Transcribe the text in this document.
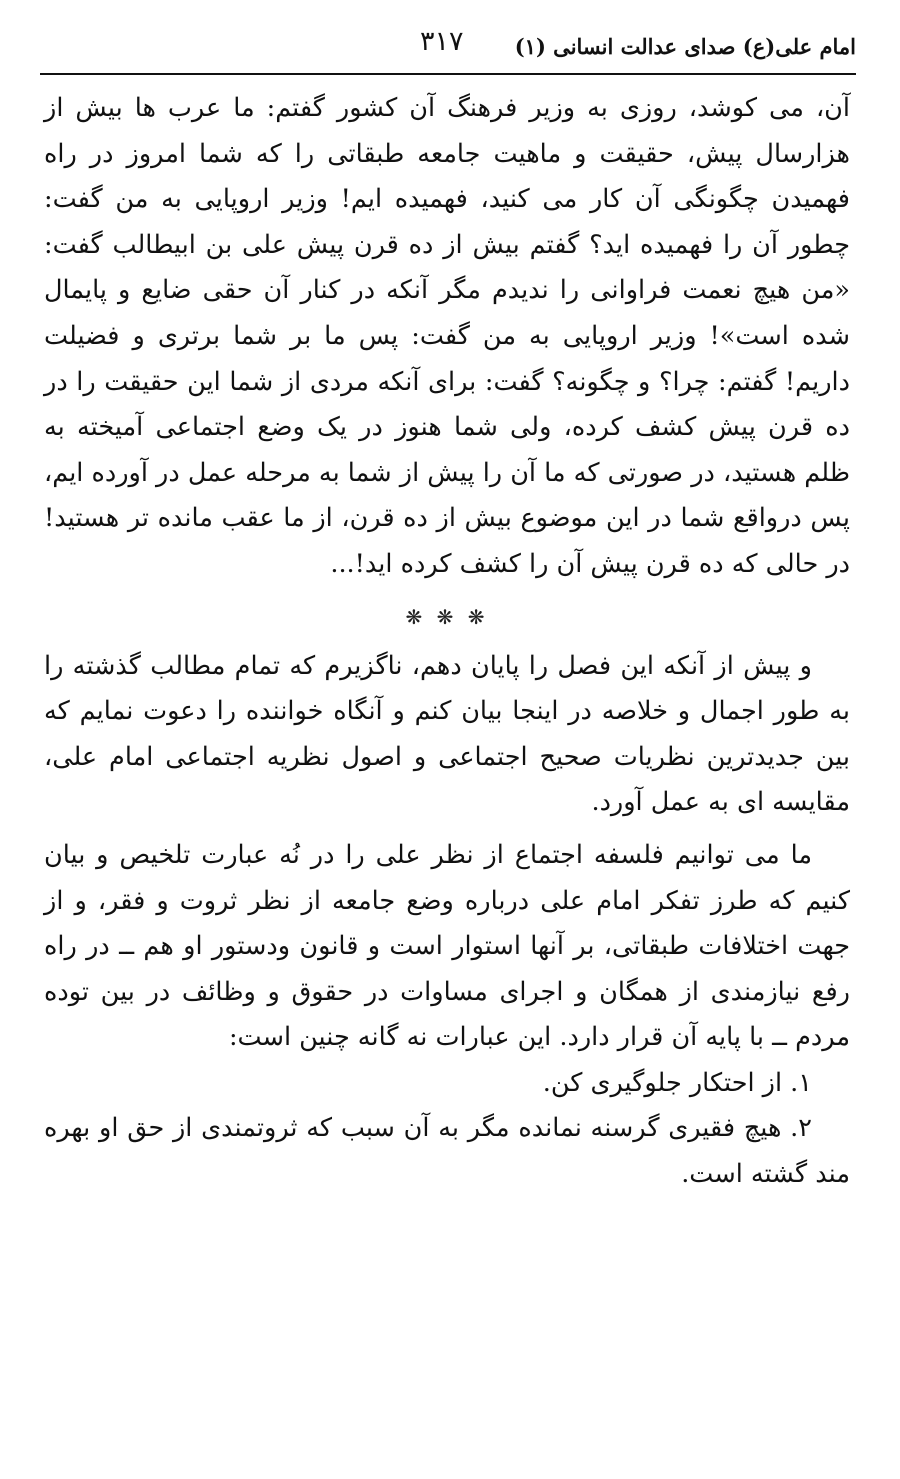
امام علی(ع) صدای عدالت انسانی (۱)
۳۱۷

آن، می کوشد، روزی به وزیر فرهنگ آن کشور گفتم: ما عرب ها بیش از هزارسال پیش، حقیقت و ماهیت جامعه طبقاتی را که شما امروز در راه فهمیدن چگونگی آن کار می کنید، فهمیده ایم! وزیر اروپایی به من گفت: چطور آن را فهمیده اید؟ گفتم بیش از ده قرن پیش علی بن ابیطالب گفت: «من هیچ نعمت فراوانی را ندیدم مگر آنکه در کنار آن حقی ضایع و پایمال شده است»! وزیر اروپایی به من گفت: پس ما بر شما برتری و فضیلت داریم! گفتم: چرا؟ و چگونه؟ گفت: برای آنکه مردی از شما این حقیقت را در ده قرن پیش کشف کرده، ولی شما هنوز در یک وضع اجتماعی آمیخته به ظلم هستید، در صورتی که ما آن را پیش از شما به مرحله عمل در آورده ایم، پس درواقع شما در این موضوع بیش از ده قرن، از ما عقب مانده تر هستید! در حالی که ده قرن پیش آن را کشف کرده اید!...

❋ ❋ ❋

و پیش از آنکه این فصل را پایان دهم، ناگزیرم که تمام مطالب گذشته را به طور اجمال و خلاصه در اینجا بیان کنم و آنگاه خواننده را دعوت نمایم که بین جدیدترین نظریات صحیح اجتماعی و اصول نظریه اجتماعی امام علی، مقایسه ای به عمل آورد.

ما می توانیم فلسفه اجتماع از نظر علی را در نُه عبارت تلخیص و بیان کنیم که طرز تفکر امام علی درباره وضع جامعه از نظر ثروت و فقر، و از جهت اختلافات طبقاتی، بر آنها استوار است و قانون ودستور او هم ــ در راه رفع نیازمندی از همگان و اجرای مساوات در حقوق و وظائف در بین توده مردم ــ با پایه آن قرار دارد. این عبارات نه گانه چنین است:

۱. از احتکار جلوگیری کن.

۲. هیچ فقیری گرسنه نمانده مگر به آن سبب که ثروتمندی از حق او بهره مند گشته است.
